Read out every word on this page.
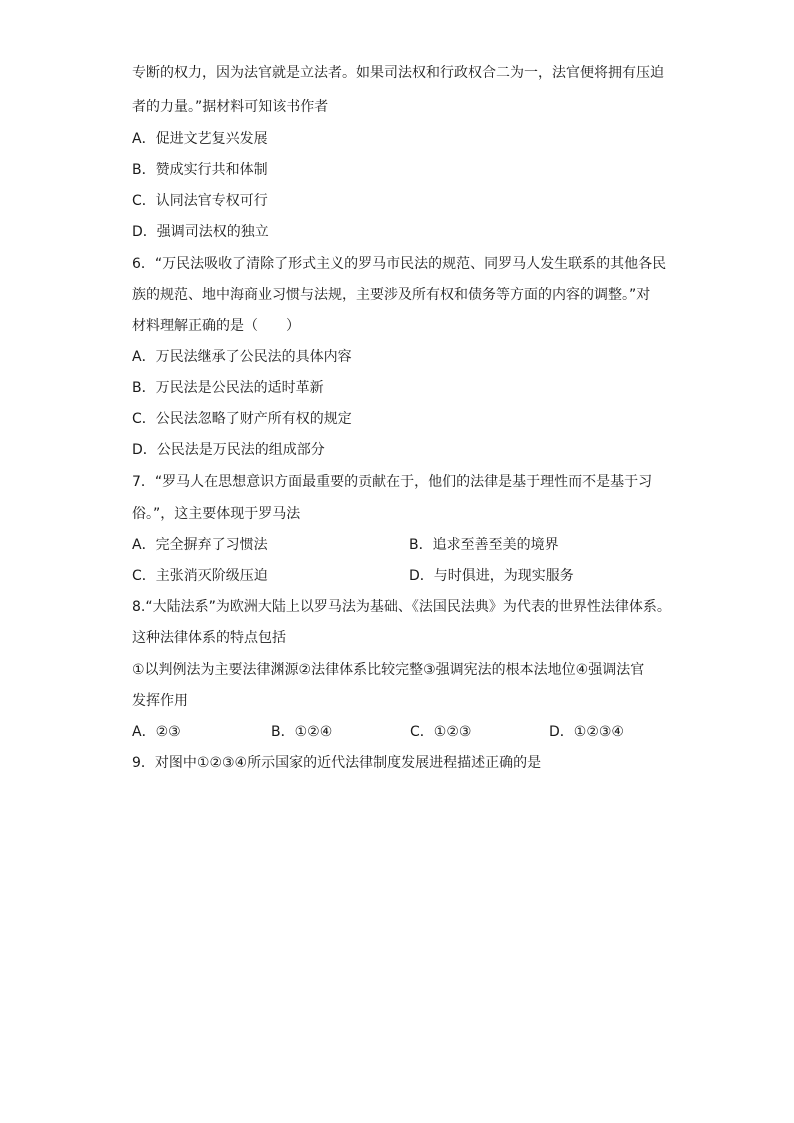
专断的权力，因为法官就是立法者。如果司法权和行政权合二为一，法官便将拥有压迫
者的力量。”据材料可知该书作者
A．促进文艺复兴发展
B．赞成实行共和体制
C．认同法官专权可行
D．强调司法权的独立
6．“万民法吸收了清除了形式主义的罗马市民法的规范、同罗马人发生联系的其他各民
族的规范、地中海商业习惯与法规，主要涉及所有权和债务等方面的内容的调整。”对
材料理解正确的是（　　）
A．万民法继承了公民法的具体内容
B．万民法是公民法的适时革新
C．公民法忽略了财产所有权的规定
D．公民法是万民法的组成部分
7．“罗马人在思想意识方面最重要的贡献在于，他们的法律是基于理性而不是基于习
俗。”，这主要体现于罗马法
A．完全摒弃了习惯法	B．追求至善至美的境界
C．主张消灭阶级压迫	D．与时俱进，为现实服务
8.“大陆法系”为欧洲大陆上以罗马法为基础、《法国民法典》为代表的世界性法律体系。
这种法律体系的特点包括
①以判例法为主要法律渊源②法律体系比较完整③强调宪法的根本法地位④强调法官
发挥作用
A．②③	B．①②④	C．①②③	D．①②③④
9．对图中①②③④所示国家的近代法律制度发展进程描述正确的是
